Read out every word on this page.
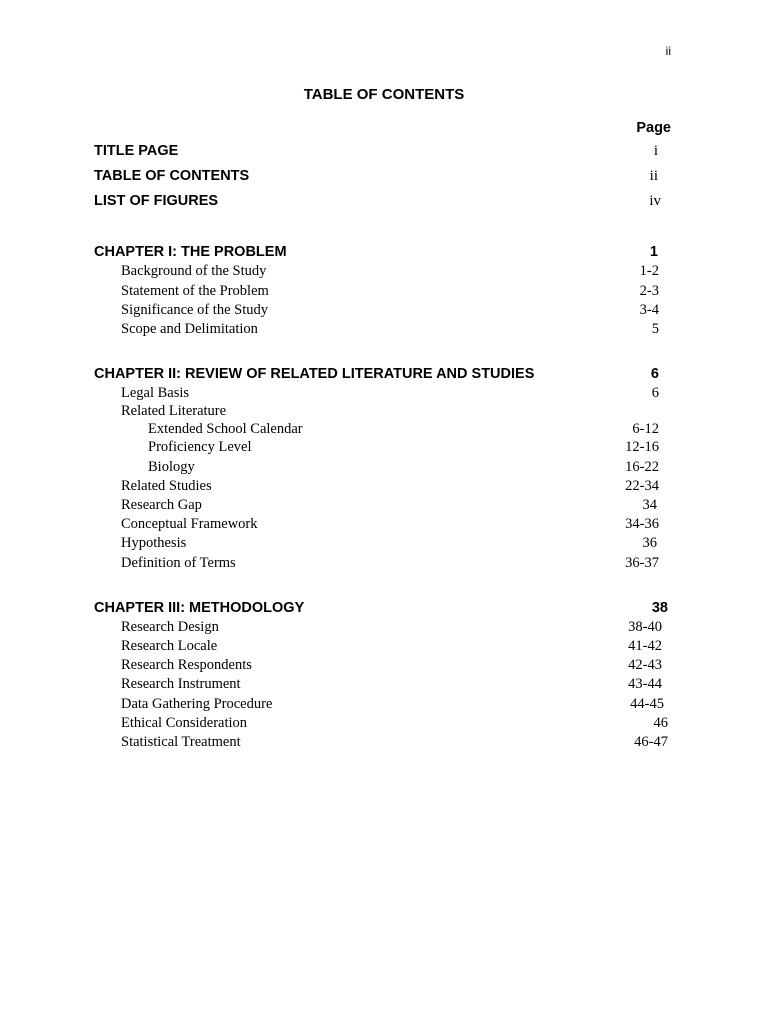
ii
TABLE OF CONTENTS
Page
TITLE PAGE	i
TABLE OF CONTENTS	ii
LIST OF FIGURES	iv
CHAPTER I: THE PROBLEM	1
Background of the Study	1-2
Statement of the Problem	2-3
Significance of the Study	3-4
Scope and Delimitation	5
CHAPTER II: REVIEW OF RELATED LITERATURE AND STUDIES	6
Legal Basis	6
Related Literature
Extended School Calendar	6-12
Proficiency Level	12-16
Biology	16-22
Related Studies	22-34
Research Gap	34
Conceptual Framework	34-36
Hypothesis	36
Definition of Terms	36-37
CHAPTER III: METHODOLOGY	38
Research Design	38-40
Research Locale	41-42
Research Respondents	42-43
Research Instrument	43-44
Data Gathering Procedure	44-45
Ethical Consideration	46
Statistical Treatment	46-47
